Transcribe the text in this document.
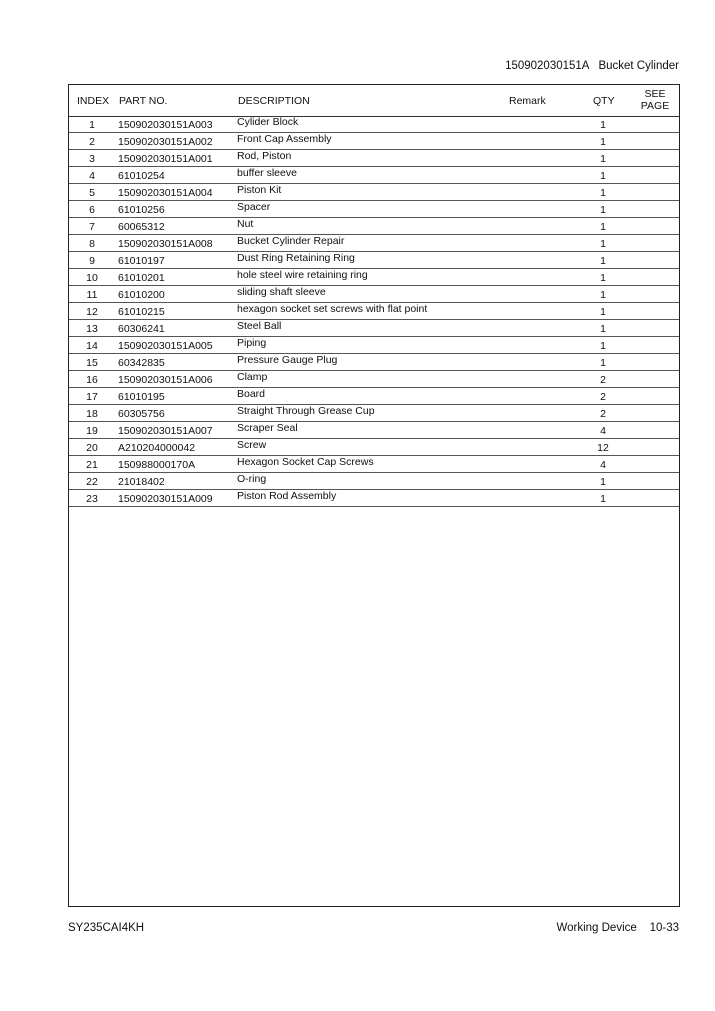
150902030151A Bucket Cylinder
INDEX PART NO.	DESCRIPTION	Remark	QTY
SEE
PAGE
1	150902030151A003 Cylider Block	1
2	150902030151A002 Front Cap Assembly	1
3	150902030151A001 Rod, Piston	1
4	61010254	buffer sleeve	1
5	150902030151A004 Piston Kit	1
6	61010256	Spacer	1
7	60065312	Nut	1
8	150902030151A008 Bucket Cylinder Repair	1
9	61010197	Dust Ring Retaining Ring	1
10	61010201	hole steel wire retaining ring	1
11	61010200	sliding shaft sleeve	1
12	61010215	hexagon socket set screws with flat point	1
13	60306241	Steel Ball	1
14	150902030151A005 Piping	1
15	60342835	Pressure Gauge Plug	1
16	150902030151A006 Clamp	2
17	61010195	Board	2
18	60305756	Straight Through Grease Cup	2
19	150902030151A007 Scraper Seal	4
20	A210204000042	Screw	12
21	150988000170A	Hexagon Socket Cap Screws	4
22	21018402	O-ring	1
23	150902030151A009 Piston Rod Assembly	1
SY235CAI4KH	Working Device 10-33
